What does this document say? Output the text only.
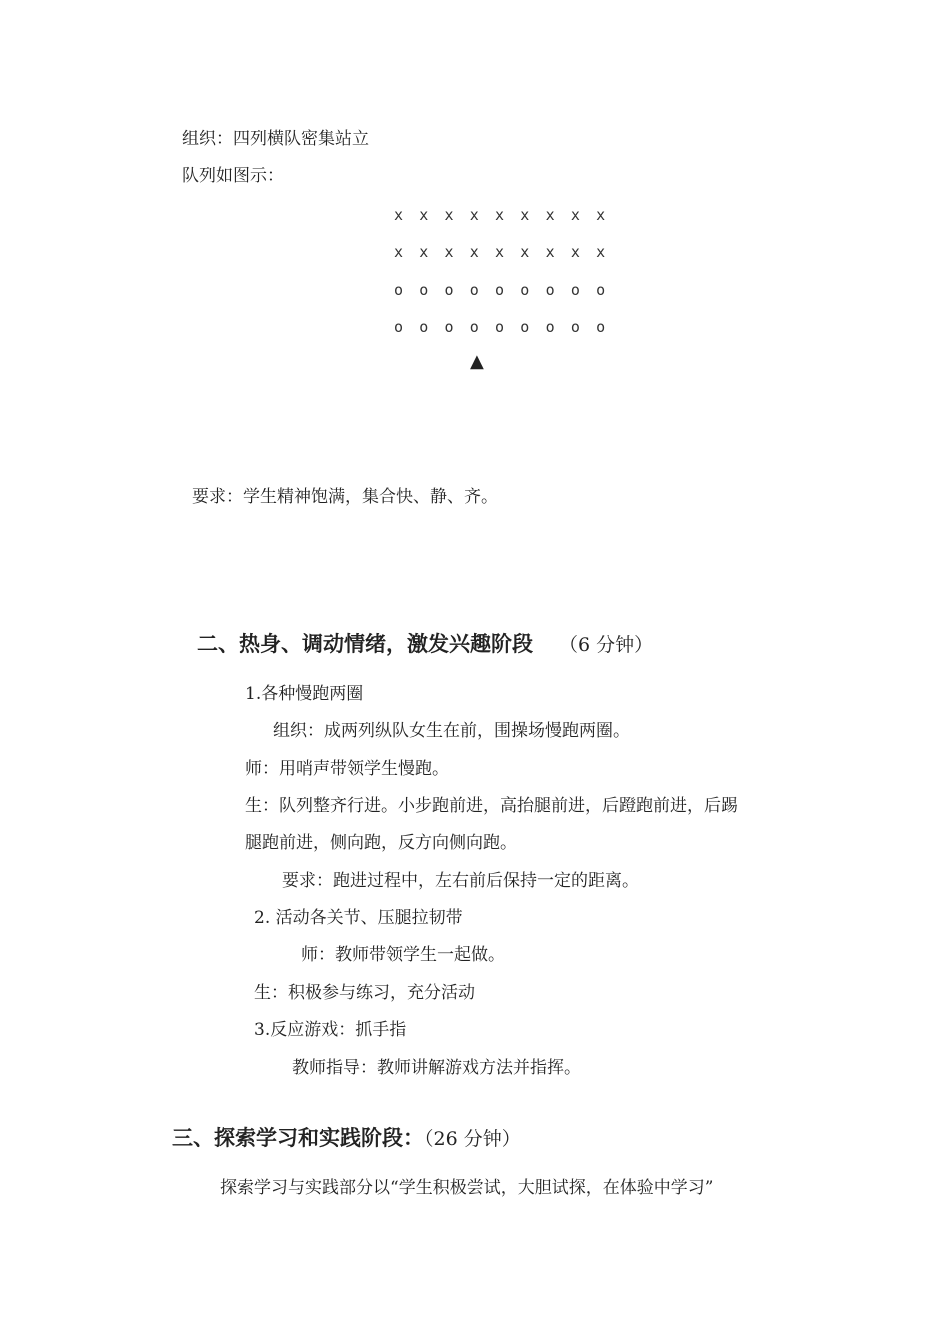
组织：四列横队密集站立
队列如图示：
x x x x x x x x x
x x x x x x x x x
o o o o o o o o o
o o o o o o o o o
▲
要求：学生精神饱满，集合快、静、齐。
二、热身、调动情绪，激发兴趣阶段 （6 分钟）
1.各种慢跑两圈
组织：成两列纵队女生在前，围操场慢跑两圈。
师：用哨声带领学生慢跑。
生：队列整齐行进。小步跑前进，高抬腿前进，后蹬跑前进，后踢
腿跑前进，侧向跑，反方向侧向跑。
要求：跑进过程中，左右前后保持一定的距离。
2. 活动各关节、压腿拉韧带
师：教师带领学生一起做。
生：积极参与练习，充分活动
3.反应游戏：抓手指
教师指导：教师讲解游戏方法并指挥。
三、探索学习和实践阶段：（26 分钟）
探索学习与实践部分以“学生积极尝试，大胆试探，在体验中学习”
